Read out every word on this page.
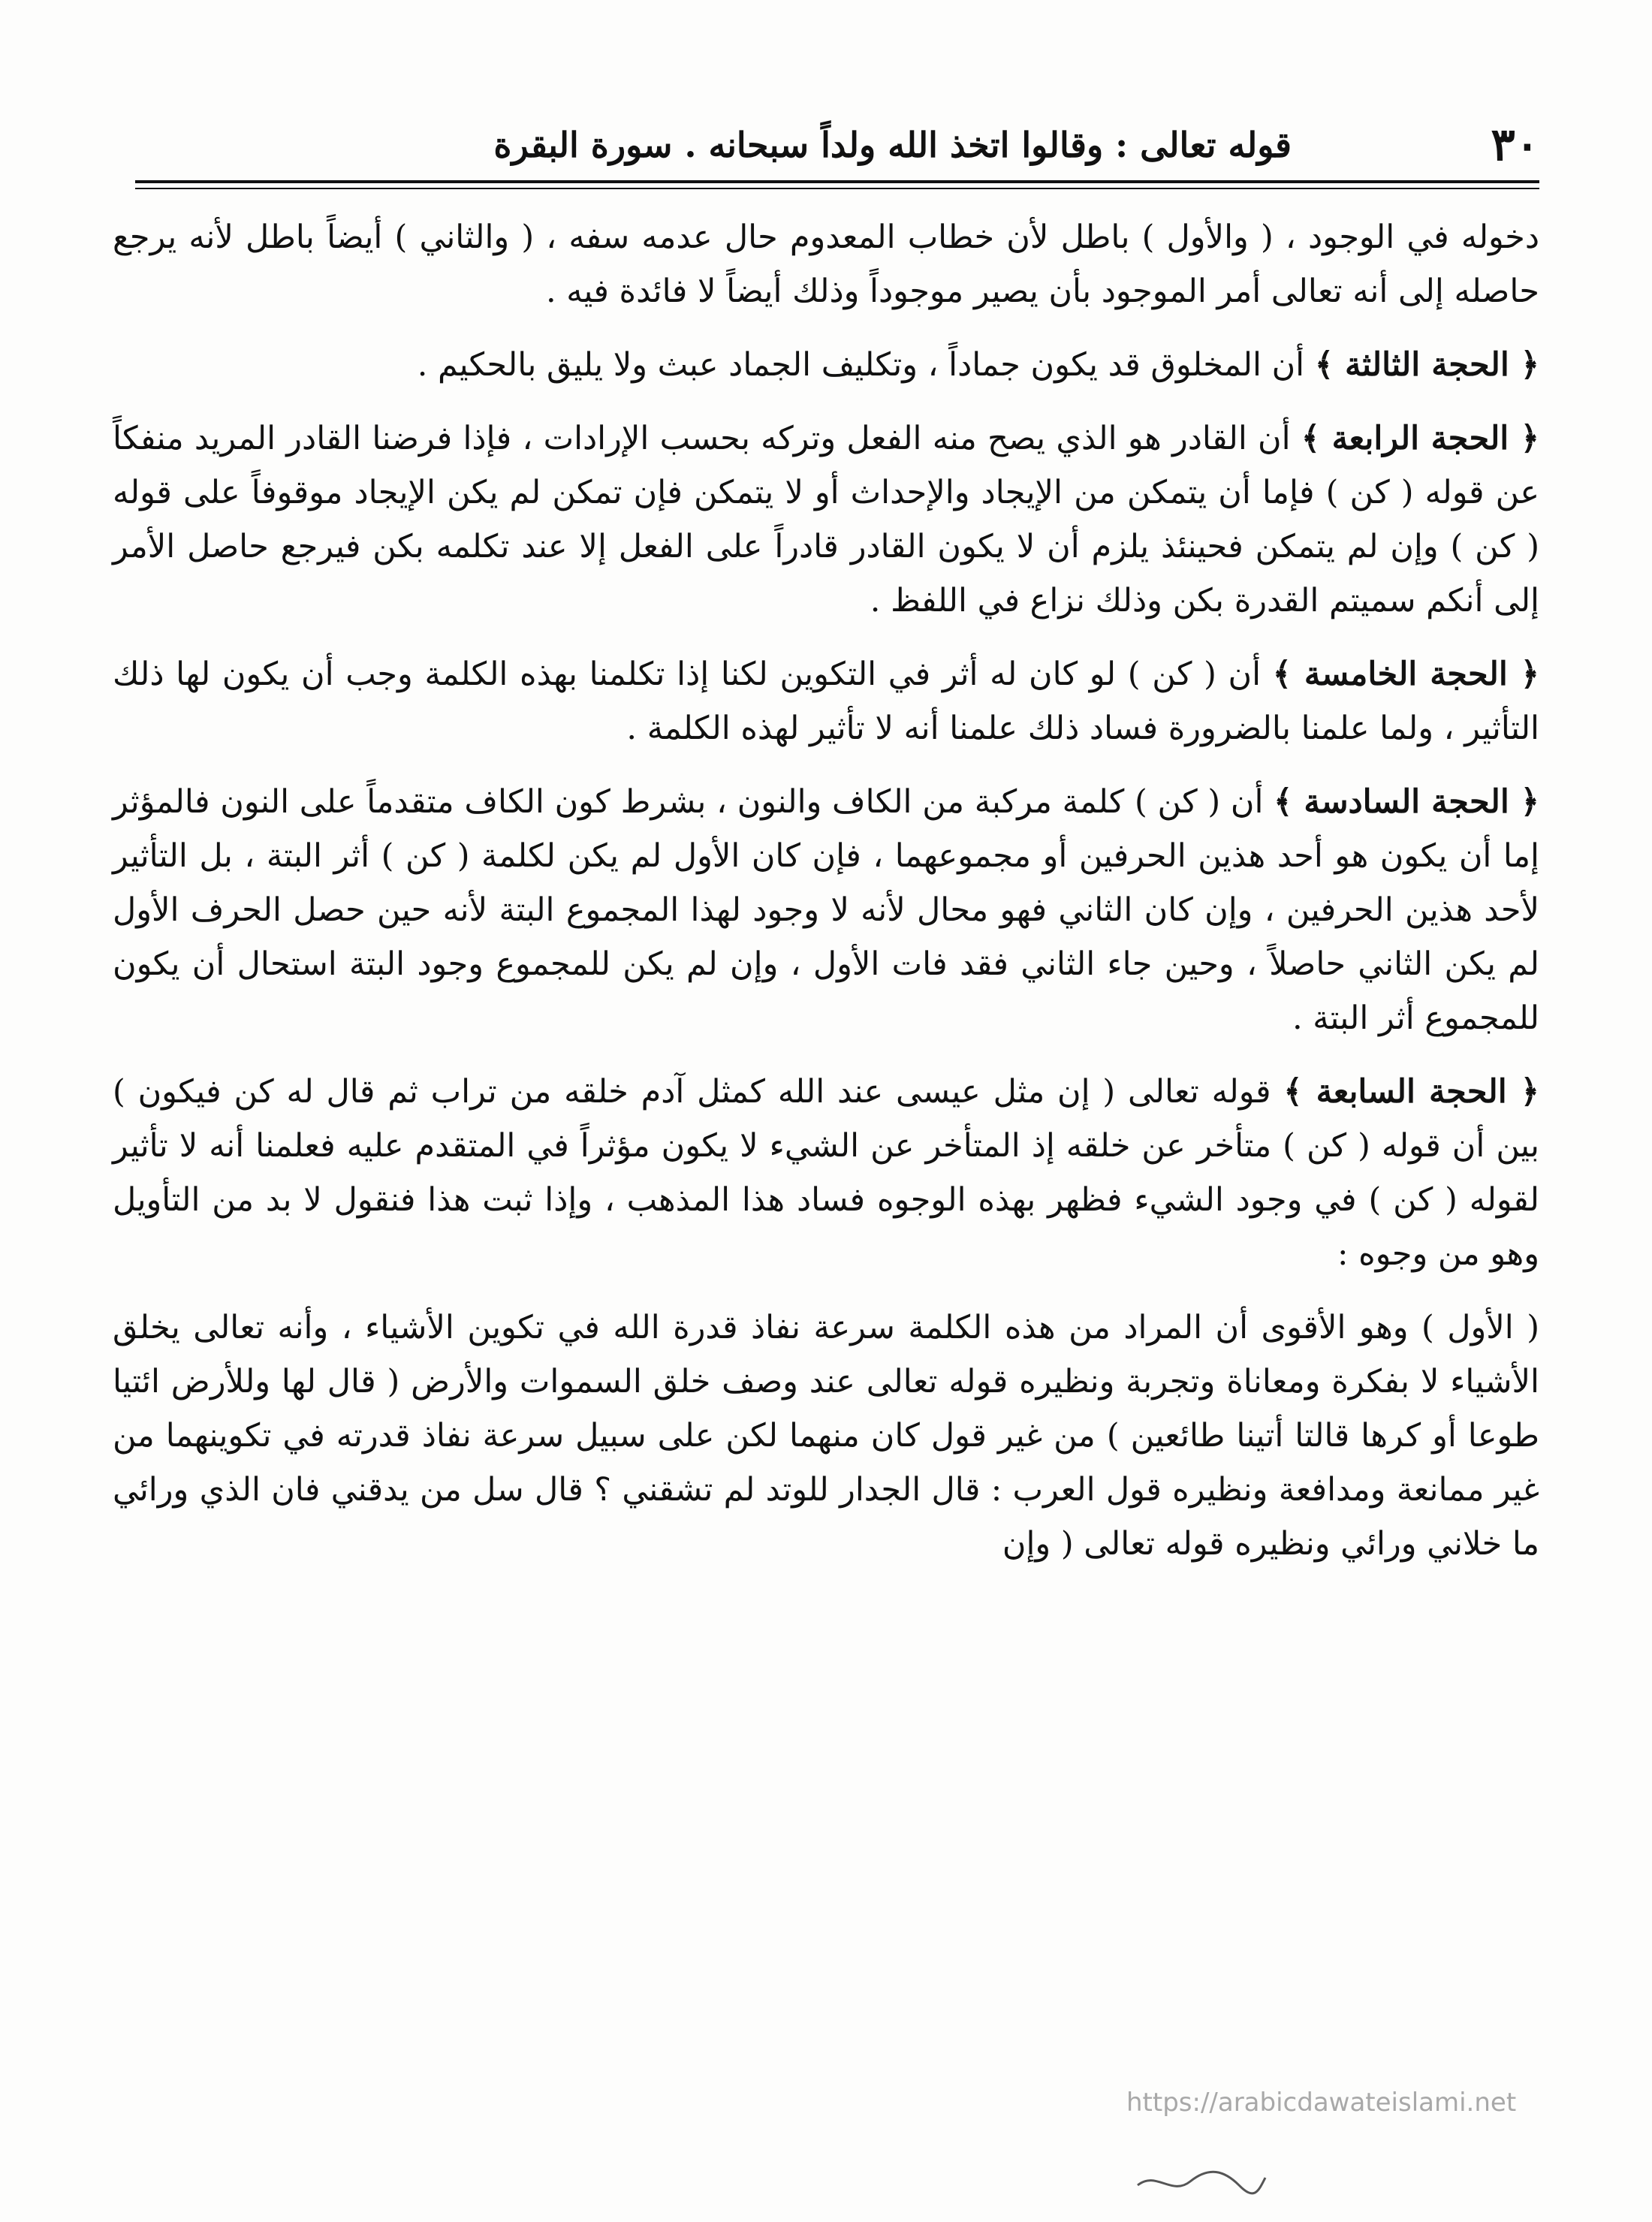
٣٠
قوله تعالى : وقالوا اتخذ الله ولداً سبحانه . سورة البقرة

دخوله في الوجود ، ( والأول ) باطل لأن خطاب المعدوم حال عدمه سفه ، ( والثاني ) أيضاً باطل لأنه يرجع حاصله إلى أنه تعالى أمر الموجود بأن يصير موجوداً وذلك أيضاً لا فائدة فيه .

﴿ الحجة الثالثة ﴾ أن المخلوق قد يكون جماداً ، وتكليف الجماد عبث ولا يليق بالحكيم .

﴿ الحجة الرابعة ﴾ أن القادر هو الذي يصح منه الفعل وتركه بحسب الإرادات ، فإذا فرضنا القادر المريد منفكاً عن قوله ( كن ) فإما أن يتمكن من الإيجاد والإحداث أو لا يتمكن فإن تمكن لم يكن الإيجاد موقوفاً على قوله ( كن ) وإن لم يتمكن فحينئذ يلزم أن لا يكون القادر قادراً على الفعل إلا عند تكلمه بكن فيرجع حاصل الأمر إلى أنكم سميتم القدرة بكن وذلك نزاع في اللفظ .

﴿ الحجة الخامسة ﴾ أن ( كن ) لو كان له أثر في التكوين لكنا إذا تكلمنا بهذه الكلمة وجب أن يكون لها ذلك التأثير ، ولما علمنا بالضرورة فساد ذلك علمنا أنه لا تأثير لهذه الكلمة .

﴿ الحجة السادسة ﴾ أن ( كن ) كلمة مركبة من الكاف والنون ، بشرط كون الكاف متقدماً على النون فالمؤثر إما أن يكون هو أحد هذين الحرفين أو مجموعهما ، فإن كان الأول لم يكن لكلمة ( كن ) أثر البتة ، بل التأثير لأحد هذين الحرفين ، وإن كان الثاني فهو محال لأنه لا وجود لهذا المجموع البتة لأنه حين حصل الحرف الأول لم يكن الثاني حاصلاً ، وحين جاء الثاني فقد فات الأول ، وإن لم يكن للمجموع وجود البتة استحال أن يكون للمجموع أثر البتة .

﴿ الحجة السابعة ﴾ قوله تعالى ( إن مثل عيسى عند الله كمثل آدم خلقه من تراب ثم قال له كن فيكون ) بين أن قوله ( كن ) متأخر عن خلقه إذ المتأخر عن الشيء لا يكون مؤثراً في المتقدم عليه فعلمنا أنه لا تأثير لقوله ( كن ) في وجود الشيء فظهر بهذه الوجوه فساد هذا المذهب ، وإذا ثبت هذا فنقول لا بد من التأويل وهو من وجوه :

( الأول ) وهو الأقوى أن المراد من هذه الكلمة سرعة نفاذ قدرة الله في تكوين الأشياء ، وأنه تعالى يخلق الأشياء لا بفكرة ومعاناة وتجربة ونظيره قوله تعالى عند وصف خلق السموات والأرض ( قال لها وللأرض ائتيا طوعا أو كرها قالتا أتينا طائعين ) من غير قول كان منهما لكن على سبيل سرعة نفاذ قدرته في تكوينهما من غير ممانعة ومدافعة ونظيره قول العرب : قال الجدار للوتد لم تشقني ؟ قال سل من يدقني فان الذي ورائي ما خلاني ورائي ونظيره قوله تعالى ( وإن

https://arabicdawateislami.net
